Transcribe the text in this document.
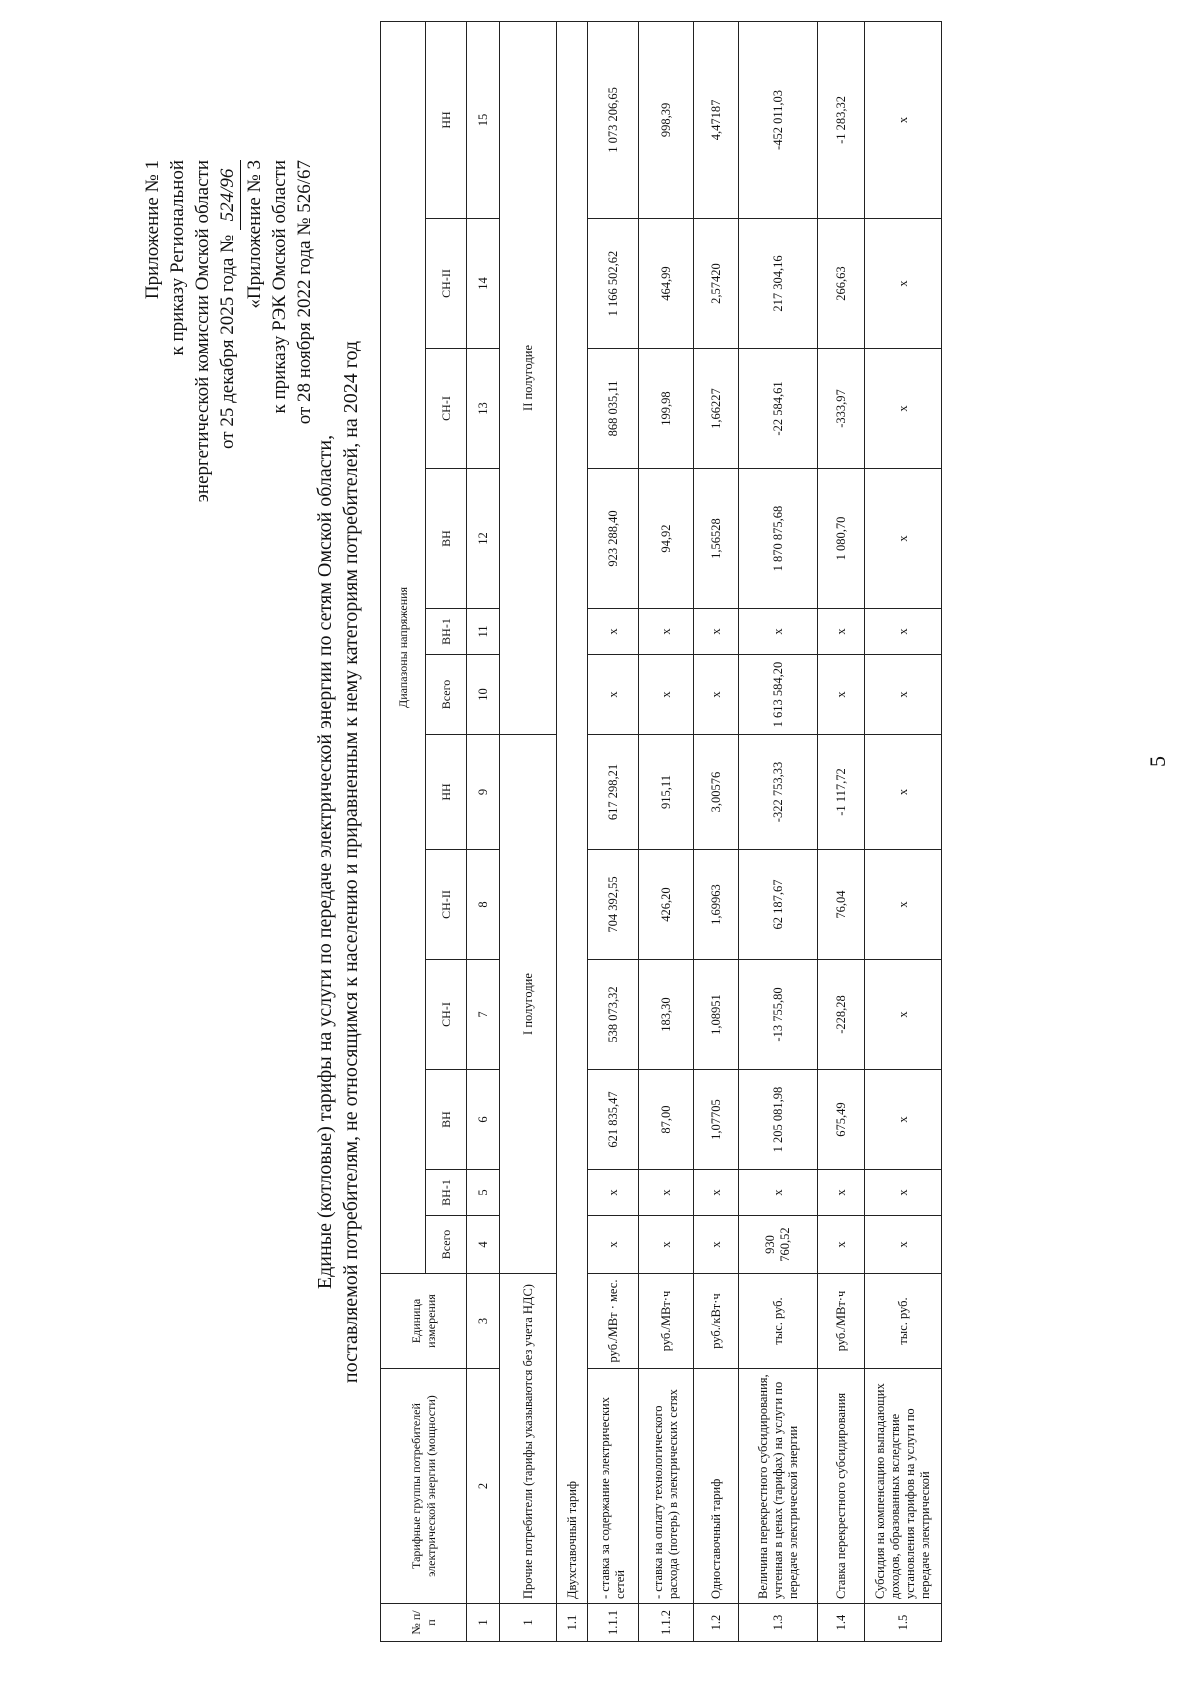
5
Приложение № 1 к приказу Региональной энергетической комиссии Омской области от 25 декабря 2025 года № 524/96 «Приложение № 3 к приказу РЭК Омской области от 28 ноября 2022 года № 526/67
Единые (котловые) тарифы на услуги по передаче электрической энергии по сетям Омской области, поставляемой потребителям, не относящимся к населению и приравненным к нему категориям потребителей, на 2024 год
№ п/п	Тарифные группы потребителей электрической энергии (мощности)	Единица измерения	Диапазоны напряжения											
			Всего	ВН-1	ВН	СН-I	СН-II	НН	Всего	ВН-1	ВН	СН-I	СН-II	НН
1	2	3	4	5	6	7	8	9	10	11	12	13	14	15
1	Прочие потребители (тарифы указываются без учета НДС)		I полугодие						II полугодие					
1.1	Двухставочный тариф													
1.1.1	- ставка за содержание электрических сетей	руб./МВт · мес.	х	х	621 835,47	538 073,32	704 392,55	617 298,21	х	х	923 288,40	868 035,11	1 166 502,62	1 073 206,65
1.1.2	- ставка на оплату технологического расхода (потерь) в электрических сетях	руб./МВт·ч	х	х	87,00	183,30	426,20	915,11	х	х	94,92	199,98	464,99	998,39
1.2	Одноставочный тариф	руб./кВт·ч	х	х	1,07705	1,08951	1,69963	3,00576	х	х	1,56528	1,66227	2,57420	4,47187
1.3	Величина перекрестного субсидирования, учтенная в ценах (тарифах) на услуги по передаче электрической энергии	тыс. руб.	930 760,52	х	1 205 081,98	-13 755,80	62 187,67	-322 753,33	1 613 584,20	х	1 870 875,68	-22 584,61	217 304,16	-452 011,03
1.4	Ставка перекрестного субсидирования	руб./МВт·ч	х	х	675,49	-228,28	76,04	-1 117,72	х	х	1 080,70	-333,97	266,63	-1 283,32
1.5	Субсидия на компенсацию выпадающих доходов, образованных вследствие установления тарифов на услуги по передаче электрической	тыс. руб.	х	х	х	х	х	х	х	х	х	х	х	х
